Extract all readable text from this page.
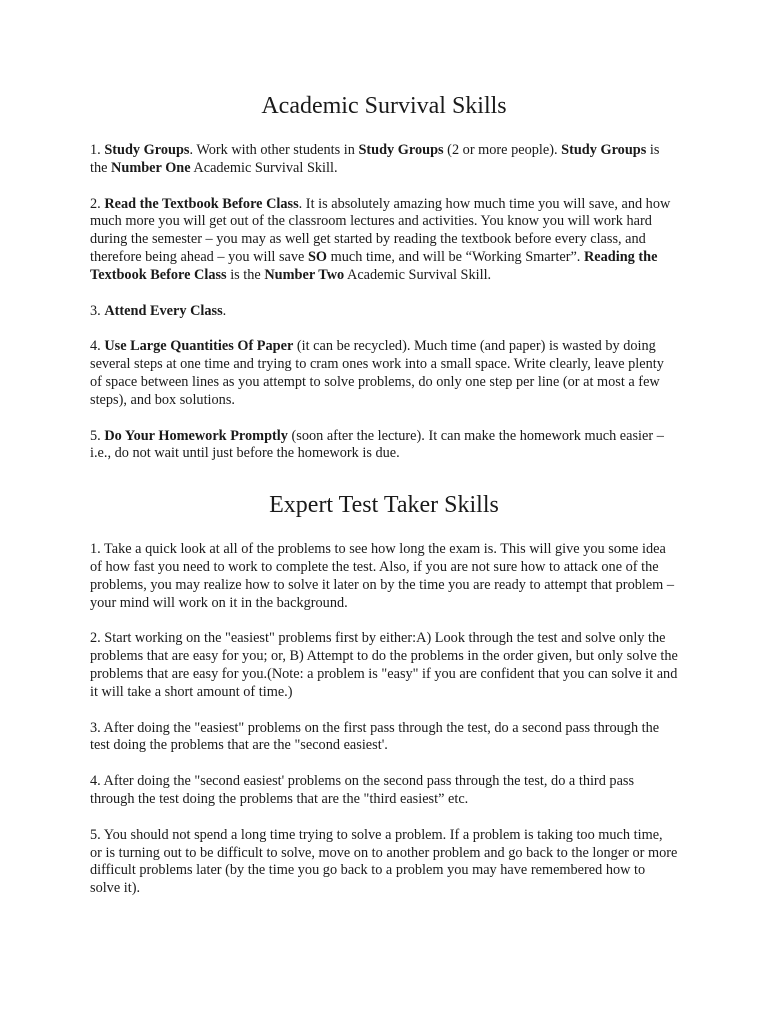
Academic Survival Skills

1. Study Groups. Work with other students in Study Groups (2 or more people). Study Groups is the Number One Academic Survival Skill.

2. Read the Textbook Before Class. It is absolutely amazing how much time you will save, and how much more you will get out of the classroom lectures and activities. You know you will work hard during the semester – you may as well get started by reading the textbook before every class, and therefore being ahead – you will save SO much time, and will be “Working Smarter”. Reading the Textbook Before Class is the Number Two Academic Survival Skill.

3. Attend Every Class.

4. Use Large Quantities Of Paper (it can be recycled). Much time (and paper) is wasted by doing several steps at one time and trying to cram ones work into a small space. Write clearly, leave plenty of space between lines as you attempt to solve problems, do only one step per line (or at most a few steps), and box solutions.

5. Do Your Homework Promptly (soon after the lecture). It can make the homework much easier – i.e., do not wait until just before the homework is due.

Expert Test Taker Skills

1. Take a quick look at all of the problems to see how long the exam is. This will give you some idea of how fast you need to work to complete the test. Also, if you are not sure how to attack one of the problems, you may realize how to solve it later on by the time you are ready to attempt that problem – your mind will work on it in the background.

2. Start working on the "easiest" problems first by either:A) Look through the test and solve only the problems that are easy for you; or, B) Attempt to do the problems in the order given, but only solve the problems that are easy for you.(Note: a problem is "easy" if you are confident that you can solve it and it will take a short amount of time.)

3. After doing the "easiest" problems on the first pass through the test, do a second pass through the test doing the problems that are the "second easiest'.

4. After doing the "second easiest' problems on the second pass through the test, do a third pass through the test doing the problems that are the "third easiest” etc.

5. You should not spend a long time trying to solve a problem. If a problem is taking too much time, or is turning out to be difficult to solve, move on to another problem and go back to the longer or more difficult problems later (by the time you go back to a problem you may have remembered how to solve it).
